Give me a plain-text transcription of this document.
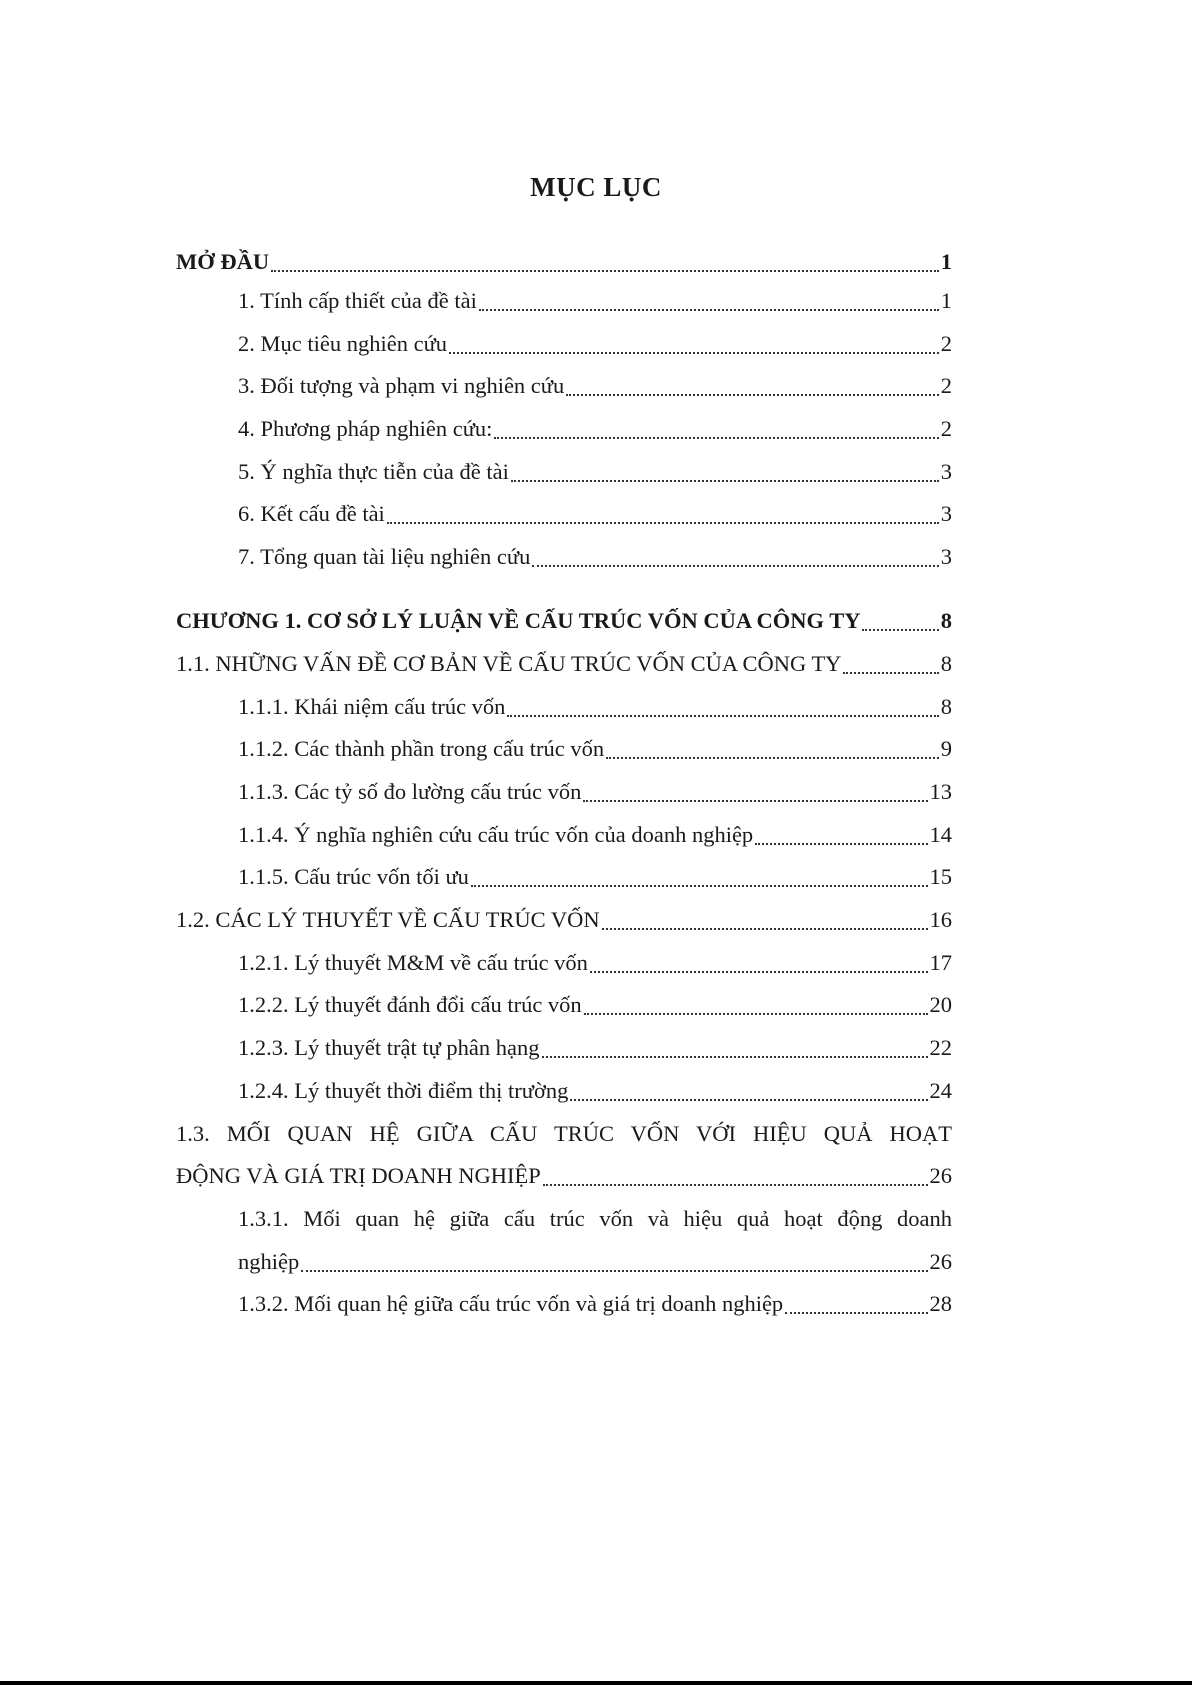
MỤC LỤC
MỞ ĐẦU	1
1. Tính cấp thiết của đề tài	1
2. Mục tiêu nghiên cứu	2
3. Đối tượng và phạm vi nghiên cứu	2
4. Phương pháp nghiên cứu:	2
5. Ý nghĩa thực tiễn của đề tài	3
6. Kết cấu đề tài	3
7. Tổng quan tài liệu nghiên cứu	3
CHƯƠNG 1. CƠ SỞ LÝ LUẬN VỀ CẤU TRÚC VỐN CỦA CÔNG TY	8
1.1. NHỮNG VẤN ĐỀ CƠ BẢN VỀ CẤU TRÚC VỐN CỦA CÔNG TY	8
1.1.1. Khái niệm cấu trúc vốn	8
1.1.2. Các thành phần trong cấu trúc vốn	9
1.1.3. Các tỷ số đo lường cấu trúc vốn	13
1.1.4. Ý nghĩa nghiên cứu cấu trúc vốn của doanh nghiệp	14
1.1.5. Cấu trúc vốn tối ưu	15
1.2. CÁC LÝ THUYẾT VỀ CẤU TRÚC VỐN	16
1.2.1. Lý thuyết M&M về cấu trúc vốn	17
1.2.2. Lý thuyết đánh đổi cấu trúc vốn	20
1.2.3. Lý thuyết trật tự phân hạng	22
1.2.4. Lý thuyết thời điểm thị trường	24
1.3. MỐI QUAN HỆ GIỮA CẤU TRÚC VỐN VỚI HIỆU QUẢ HOẠT
ĐỘNG VÀ GIÁ TRỊ DOANH NGHIỆP	26
1.3.1. Mối quan hệ giữa cấu trúc vốn và hiệu quả hoạt động doanh
nghiệp	26
1.3.2. Mối quan hệ giữa cấu trúc vốn và giá trị doanh nghiệp	28
